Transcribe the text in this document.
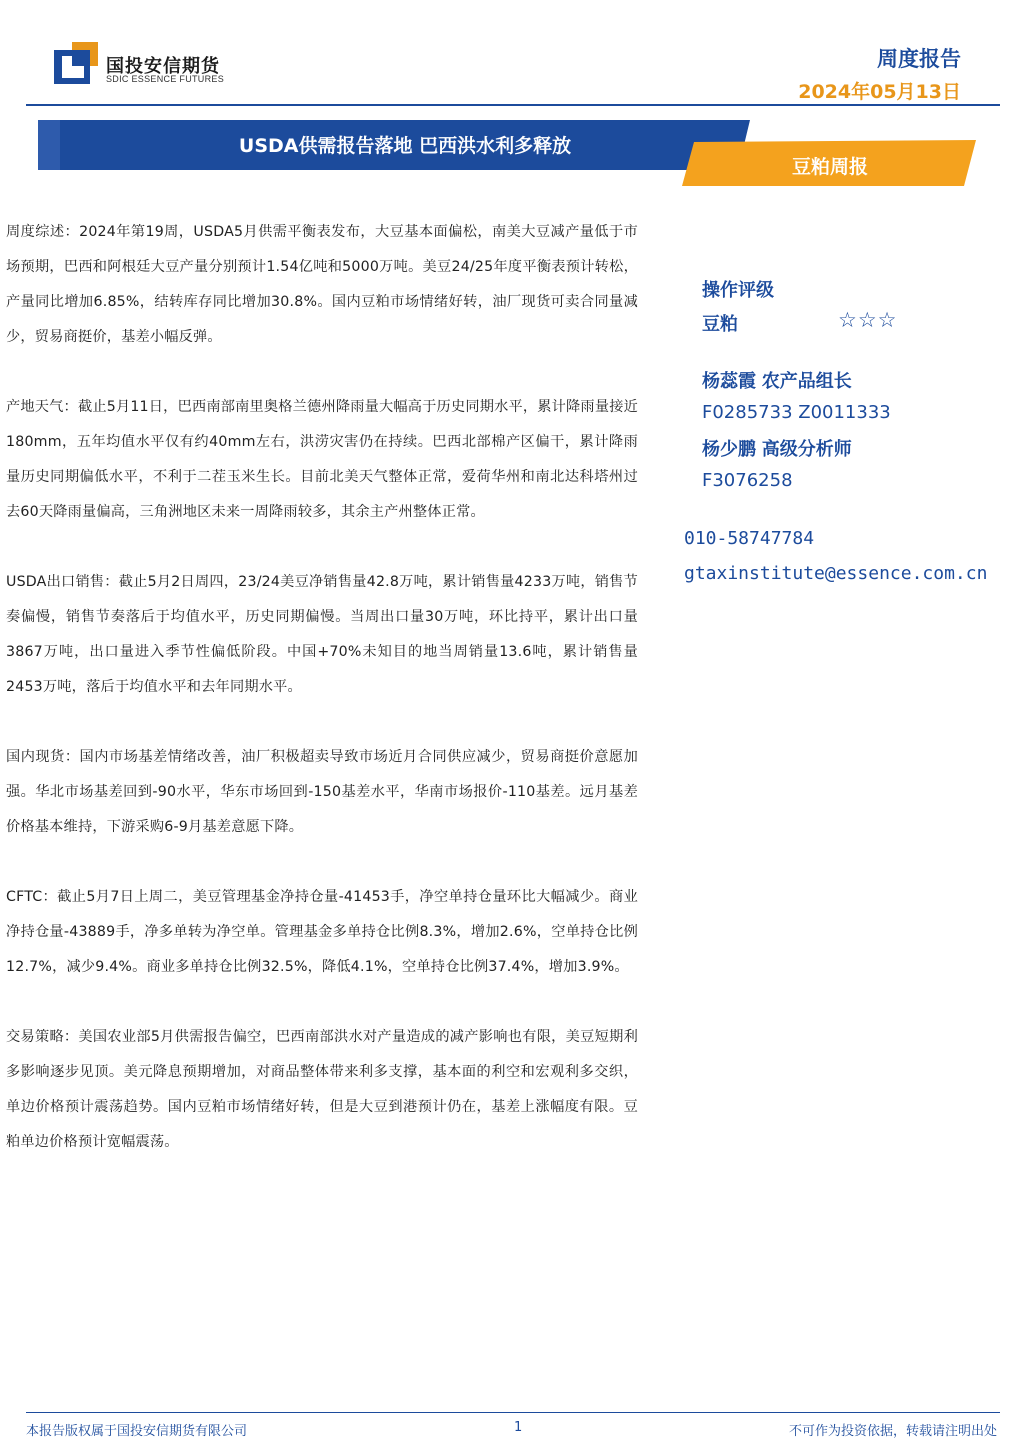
国投安信期货
SDIC ESSENCE FUTURES
周度报告
2024年05月13日
USDA供需报告落地 巴西洪水利多释放
豆粕周报

周度综述：2024年第19周，USDA5月供需平衡表发布，大豆基本面偏松，南美大豆减产量低于市场预期，巴西和阿根廷大豆产量分别预计1.54亿吨和5000万吨。美豆24/25年度平衡表预计转松，产量同比增加6.85%，结转库存同比增加30.8%。国内豆粕市场情绪好转，油厂现货可卖合同量减少，贸易商挺价，基差小幅反弹。

产地天气：截止5月11日，巴西南部南里奥格兰德州降雨量大幅高于历史同期水平，累计降雨量接近180mm，五年均值水平仅有约40mm左右，洪涝灾害仍在持续。巴西北部棉产区偏干，累计降雨量历史同期偏低水平，不利于二茬玉米生长。目前北美天气整体正常，爱荷华州和南北达科塔州过去60天降雨量偏高，三角洲地区未来一周降雨较多，其余主产州整体正常。

USDA出口销售：截止5月2日周四，23/24美豆净销售量42.8万吨，累计销售量4233万吨，销售节奏偏慢，销售节奏落后于均值水平，历史同期偏慢。当周出口量30万吨，环比持平，累计出口量3867万吨，出口量进入季节性偏低阶段。中国+70%未知目的地当周销量13.6吨，累计销售量2453万吨，落后于均值水平和去年同期水平。

国内现货：国内市场基差情绪改善，油厂积极超卖导致市场近月合同供应减少，贸易商挺价意愿加强。华北市场基差回到-90水平，华东市场回到-150基差水平，华南市场报价-110基差。远月基差价格基本维持，下游采购6-9月基差意愿下降。

CFTC：截止5月7日上周二，美豆管理基金净持仓量-41453手，净空单持仓量环比大幅减少。商业净持仓量-43889手，净多单转为净空单。管理基金多单持仓比例8.3%，增加2.6%，空单持仓比例12.7%，减少9.4%。商业多单持仓比例32.5%，降低4.1%，空单持仓比例37.4%，增加3.9%。

交易策略：美国农业部5月供需报告偏空，巴西南部洪水对产量造成的减产影响也有限，美豆短期利多影响逐步见顶。美元降息预期增加，对商品整体带来利多支撑，基本面的利空和宏观利多交织，单边价格预计震荡趋势。国内豆粕市场情绪好转，但是大豆到港预计仍在，基差上涨幅度有限。豆粕单边价格预计宽幅震荡。

操作评级
豆粕	☆☆☆
杨蕊霞 农产品组长
F0285733 Z0011333
杨少鹏 高级分析师
F3076258
010-58747784
gtaxinstitute@essence.com.cn
本报告版权属于国投安信期货有限公司	1	不可作为投资依据，转载请注明出处
